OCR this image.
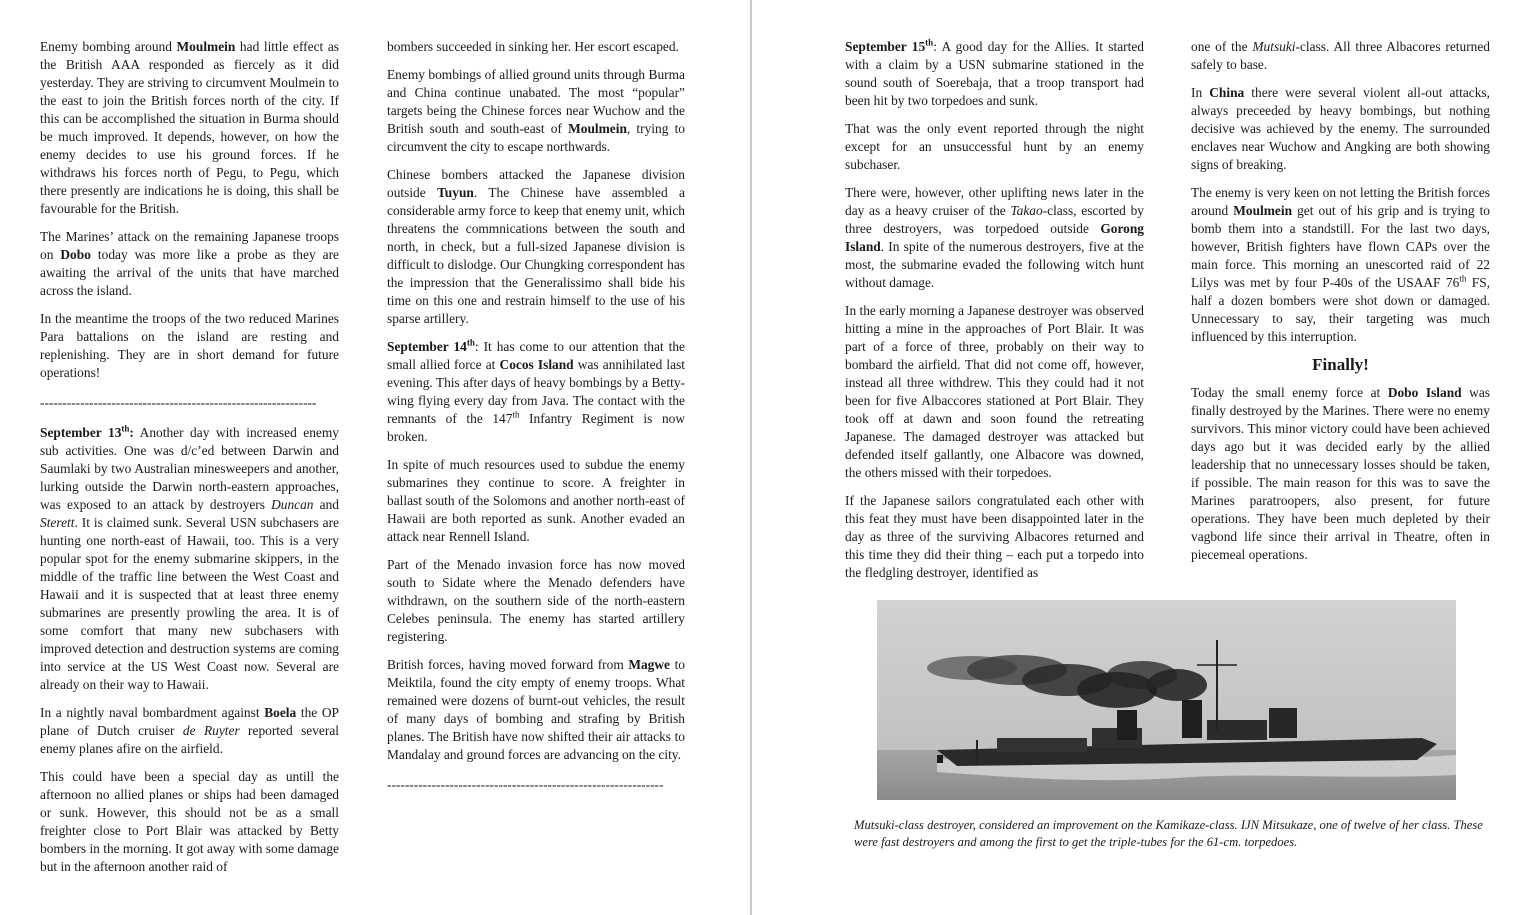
Enemy bombing around Moulmein had little effect as the British AAA responded as fiercely as it did yesterday. They are striving to circumvent Moulmein to the east to join the British forces north of the city. If this can be accomplished the situation in Burma should be much improved. It depends, however, on how the enemy decides to use his ground forces. If he withdraws his forces north of Pegu, to Pegu, which there presently are indications he is doing, this shall be favourable for the British.

The Marines’ attack on the remaining Japanese troops on Dobo today was more like a probe as they are awaiting the arrival of the units that have marched across the island.

In the meantime the troops of the two reduced Marines Para battalions on the island are resting and replenishing. They are in short demand for future operations!

--------------------------------------------------------------

September 13th: Another day with increased enemy sub activities. One was d/c’ed between Darwin and Saumlaki by two Australian minesweepers and another, lurking outside the Darwin north-eastern approaches, was exposed to an attack by destroyers Duncan and Sterett. It is claimed sunk. Several USN subchasers are hunting one north-east of Hawaii, too. This is a very popular spot for the enemy submarine skippers, in the middle of the traffic line between the West Coast and Hawaii and it is suspected that at least three enemy submarines are presently prowling the area. It is of some comfort that many new subchasers with improved detection and destruction systems are coming into service at the US West Coast now. Several are already on their way to Hawaii.

In a nightly naval bombardment against Boela the OP plane of Dutch cruiser de Ruyter reported several enemy planes afire on the airfield.

This could have been a special day as untill the afternoon no allied planes or ships had been damaged or sunk. However, this should not be as a small freighter close to Port Blair was attacked by Betty bombers in the morning. It got away with some damage but in the afternoon another raid of

bombers succeeded in sinking her. Her escort escaped.

Enemy bombings of allied ground units through Burma and China continue unabated. The most “popular” targets being the Chinese forces near Wuchow and the British south and south-east of Moulmein, trying to circumvent the city to escape northwards.

Chinese bombers attacked the Japanese division outside Tuyun. The Chinese have assembled a considerable army force to keep that enemy unit, which threatens the commnications between the south and north, in check, but a full-sized Japanese division is difficult to dislodge. Our Chungking correspondent has the impression that the Generalissimo shall bide his time on this one and restrain himself to the use of his sparse artillery.

September 14th: It has come to our attention that the small allied force at Cocos Island was annihilated last evening. This after days of heavy bombings by a Betty-wing flying every day from Java. The contact with the remnants of the 147th Infantry Regiment is now broken.

In spite of much resources used to subdue the enemy submarines they continue to score. A freighter in ballast south of the Solomons and another north-east of Hawaii are both reported as sunk. Another evaded an attack near Rennell Island.

Part of the Menado invasion force has now moved south to Sidate where the Menado defenders have withdrawn, on the southern side of the north-eastern Celebes peninsula. The enemy has started artillery registering.

British forces, having moved forward from Magwe to Meiktila, found the city empty of enemy troops. What remained were dozens of burnt-out vehicles, the result of many days of bombing and strafing by British planes. The British have now shifted their air attacks to Mandalay and ground forces are advancing on the city.

--------------------------------------------------------------

September 15th: A good day for the Allies. It started with a claim by a USN submarine stationed in the sound south of Soerebaja, that a troop transport had been hit by two torpedoes and sunk.

That was the only event reported through the night except for an unsuccessful hunt by an enemy subchaser.

There were, however, other uplifting news later in the day as a heavy cruiser of the Takao-class, escorted by three destroyers, was torpedoed outside Gorong Island. In spite of the numerous destroyers, five at the most, the submarine evaded the following witch hunt without damage.

In the early morning a Japanese destroyer was observed hitting a mine in the approaches of Port Blair. It was part of a force of three, probably on their way to bombard the airfield. That did not come off, however, instead all three withdrew. This they could had it not been for five Albaccores stationed at Port Blair. They took off at dawn and soon found the retreating Japanese. The damaged destroyer was attacked but defended itself gallantly, one Albacore was downed, the others missed with their torpedoes.

If the Japanese sailors congratulated each other with this feat they must have been disappointed later in the day as three of the surviving Albacores returned and this time they did their thing – each put a torpedo into the fledgling destroyer, identified as

one of the Mutsuki-class. All three Albacores returned safely to base.

In China there were several violent all-out attacks, always preceeded by heavy bombings, but nothing decisive was achieved by the enemy. The surrounded enclaves near Wuchow and Angking are both showing signs of breaking.

The enemy is very keen on not letting the British forces around Moulmein get out of his grip and is trying to bomb them into a standstill. For the last two days, however, British fighters have flown CAPs over the main force. This morning an unescorted raid of 22 Lilys was met by four P-40s of the USAAF 76th FS, half a dozen bombers were shot down or damaged. Unnecessary to say, their targeting was much influenced by this interruption.

Finally!

Today the small enemy force at Dobo Island was finally destroyed by the Marines. There were no enemy survivors. This minor victory could have been achieved days ago but it was decided early by the allied leadership that no unnecessary losses should be taken, if possible. The main reason for this was to save the Marines paratroopers, also present, for future operations. They have been much depleted by their vagbond life since their arrival in Theatre, often in piecemeal operations.

Mutsuki-class destroyer, considered an improvement on the Kamikaze-class. IJN Mitsukaze, one of twelve of her class. These were fast destroyers and among the first to get the triple-tubes for the 61-cm. torpedoes.
